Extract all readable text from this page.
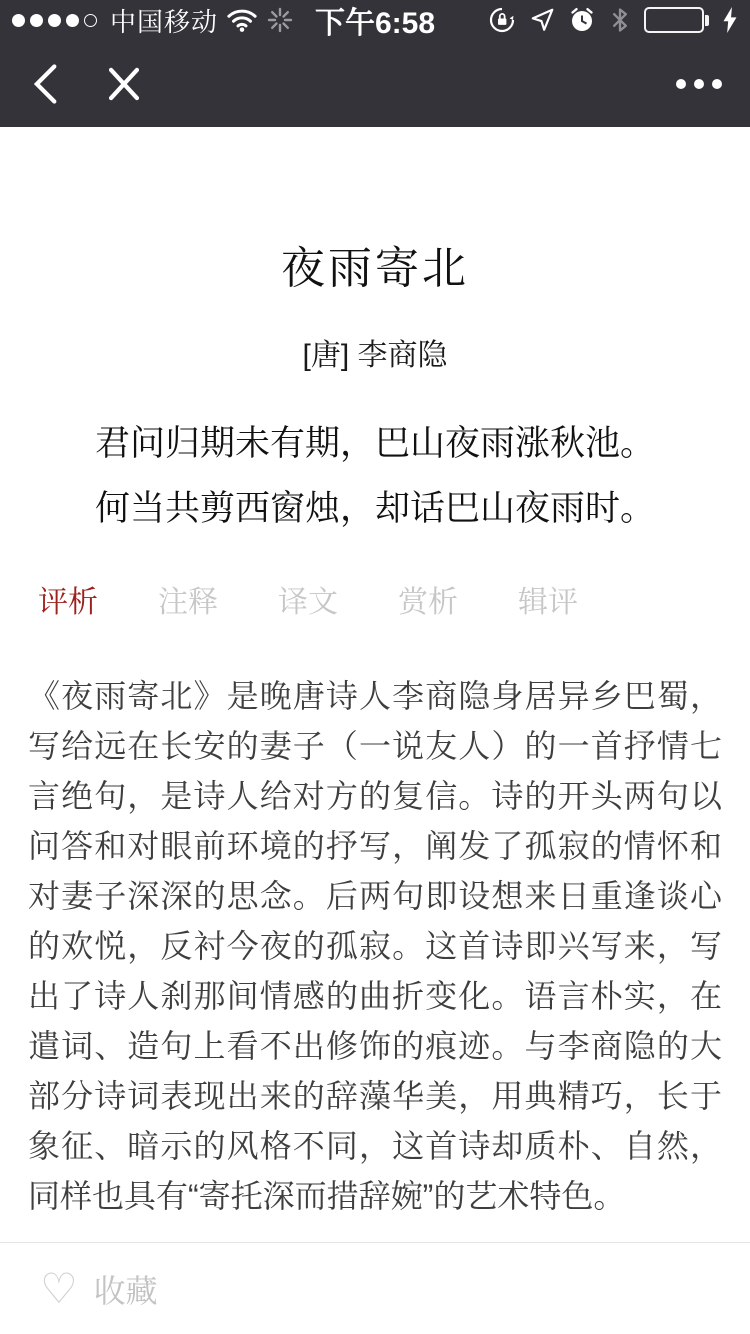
中国移动	下午6:58
夜雨寄北
[唐] 李商隐

君问归期未有期，巴山夜雨涨秋池。

何当共剪西窗烛，却话巴山夜雨时。

评析 注释 译文 赏析 辑评
《夜雨寄北》是晚唐诗人李商隐身居异乡巴蜀，写给远在长安的妻子（一说友人）的一首抒情七言绝句，是诗人给对方的复信。诗的开头两句以问答和对眼前环境的抒写，阐发了孤寂的情怀和对妻子深深的思念。后两句即设想来日重逢谈心的欢悦，反衬今夜的孤寂。这首诗即兴写来，写出了诗人刹那间情感的曲折变化。语言朴实，在遣词、造句上看不出修饰的痕迹。与李商隐的大部分诗词表现出来的辞藻华美，用典精巧，长于象征、暗示的风格不同，这首诗却质朴、自然，同样也具有“寄托深而措辞婉”的艺术特色。
♡ 收藏
